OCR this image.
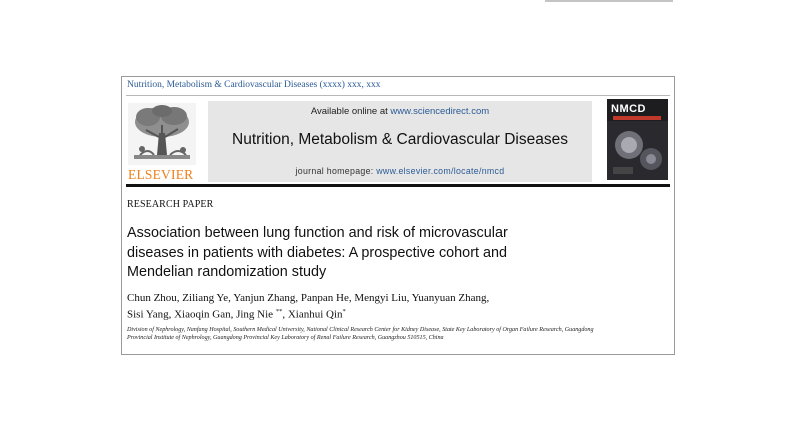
Nutrition, Metabolism & Cardiovascular Diseases (xxxx) xxx, xxx
ELSEVIER
Available online at www.sciencedirect.com
Nutrition, Metabolism & Cardiovascular Diseases
journal homepage: www.elsevier.com/locate/nmcd
NMCD
RESEARCH PAPER
Association between lung function and risk of microvascular diseases in patients with diabetes: A prospective cohort and Mendelian randomization study
Chun Zhou, Ziliang Ye, Yanjun Zhang, Panpan He, Mengyi Liu, Yuanyuan Zhang,
Sisi Yang, Xiaoqin Gan, Jing Nie **, Xianhui Qin*
Division of Nephrology, Nanfang Hospital, Southern Medical University, National Clinical Research Center for Kidney Disease, State Key Laboratory of Organ Failure Research, Guangdong Provincial Institute of Nephrology, Guangdong Provincial Key Laboratory of Renal Failure Research, Guangzhou 510515, China
